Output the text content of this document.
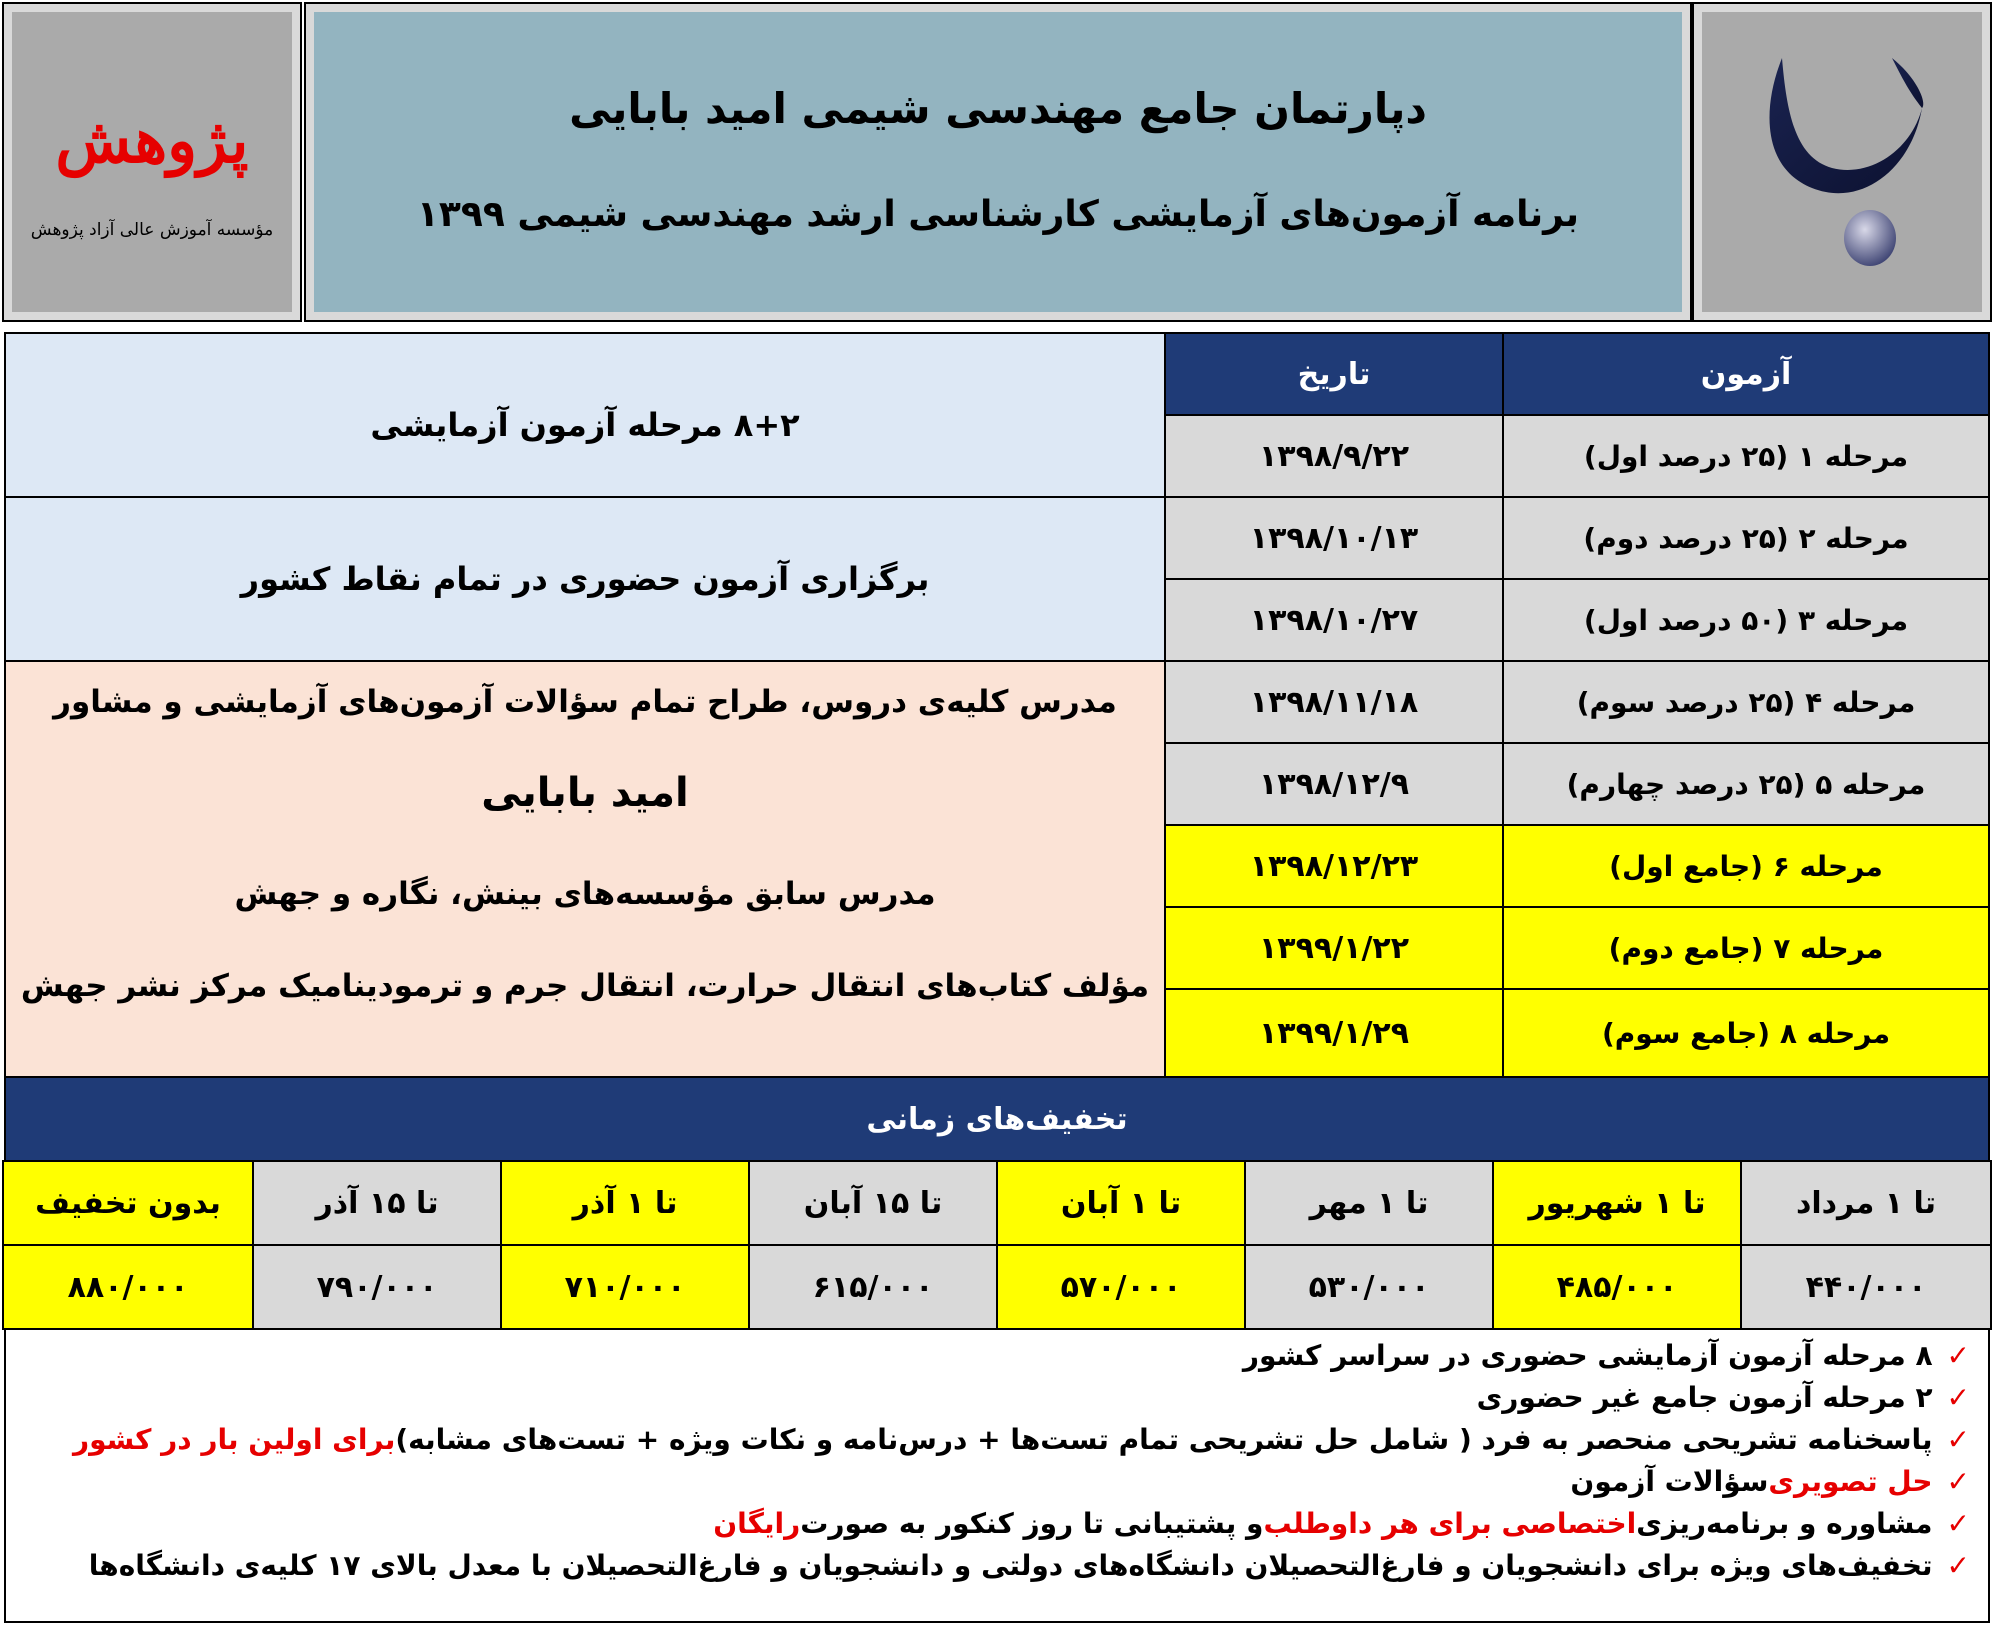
پژوهش
مؤسسه آموزش عالی آزاد پژوهش
دپارتمان جامع مهندسی شیمی امید بابایی
برنامه آزمون‌های آزمایشی کارشناسی ارشد مهندسی شیمی ۱۳۹۹
آزمون
تاریخ
مرحله ۱ (۲۵ درصد اول)
۱۳۹۸/۹/۲۲
مرحله ۲ (۲۵ درصد دوم)
۱۳۹۸/۱۰/۱۳
مرحله ۳ (۵۰ درصد اول)
۱۳۹۸/۱۰/۲۷
مرحله ۴ (۲۵ درصد سوم)
۱۳۹۸/۱۱/۱۸
مرحله ۵ (۲۵ درصد چهارم)
۱۳۹۸/۱۲/۹
مرحله ۶ (جامع اول)
۱۳۹۸/۱۲/۲۳
مرحله ۷ (جامع دوم)
۱۳۹۹/۱/۲۲
مرحله ۸ (جامع سوم)
۱۳۹۹/۱/۲۹
۸+۲ مرحله آزمون آزمایشی
برگزاری آزمون حضوری در تمام نقاط کشور
مدرس کلیه‌ی دروس، طراح تمام سؤالات آزمون‌های آزمایشی و مشاور
امید بابایی
مدرس سابق مؤسسه‌های بینش، نگاره و جهش
مؤلف کتاب‌های انتقال حرارت، انتقال جرم و ترمودینامیک مرکز نشر جهش
تخفیف‌های زمانی
✓
۸ مرحله آزمون آزمایشی حضوری در سراسر کشور
✓
۲ مرحله آزمون جامع غیر حضوری
✓
پاسخنامه تشریحی منحصر به فرد ( شامل حل تشریحی تمام تست‌ها + درس‌نامه و نکات ویژه + تست‌های مشابه)
برای اولین بار در کشور
✓
حل تصویری
سؤالات آزمون
✓
مشاوره و برنامه‌ریزی
اختصاصی برای هر داوطلب
و پشتیبانی تا روز کنکور به صورت
رایگان
✓
تخفیف‌های ویژه برای دانشجویان و فارغ‌التحصیلان دانشگاه‌های دولتی و دانشجویان و فارغ‌التحصیلان با معدل بالای ۱۷ کلیه‌ی دانشگاه‌ها
تا ۱ مرداد
۴۴۰/۰۰۰
تا ۱ شهریور
۴۸۵/۰۰۰
تا ۱ مهر
۵۳۰/۰۰۰
تا ۱ آبان
۵۷۰/۰۰۰
تا ۱۵ آبان
۶۱۵/۰۰۰
تا ۱ آذر
۷۱۰/۰۰۰
تا ۱۵ آذر
۷۹۰/۰۰۰
بدون تخفیف
۸۸۰/۰۰۰
